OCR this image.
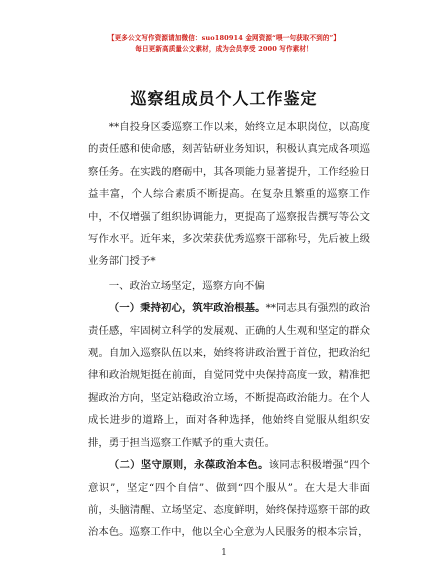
【更多公文写作资源请加微信：suo180914 金网资源“喂一句获取不到的”】
每日更新高质量公文素材，成为会员享受 2000 写作素材！
巡察组成员个人工作鉴定

**自投身区委巡察工作以来，始终立足本职岗位，以高度的责任感和使命感，刻苦钻研业务知识，积极认真完成各项巡察任务。在实践的磨砺中，其各项能力显著提升，工作经验日益丰富，个人综合素质不断提高。在复杂且繁重的巡察工作中，不仅增强了组织协调能力，更提高了巡察报告撰写等公文写作水平。近年来，多次荣获优秀巡察干部称号，先后被上级业务部门授予*

一、政治立场坚定，巡察方向不偏

（一）秉持初心，筑牢政治根基。**同志具有强烈的政治责任感，牢固树立科学的发展观、正确的人生观和坚定的群众观。自加入巡察队伍以来，始终将讲政治置于首位，把政治纪律和政治规矩挺在前面，自觉同党中央保持高度一致，精准把握政治方向，坚定站稳政治立场，不断提高政治能力。在个人成长进步的道路上，面对各种选择，他始终自觉服从组织安排，勇于担当巡察工作赋予的重大责任。

（二）坚守原则，永葆政治本色。该同志积极增强“四个意识”，坚定“四个自信”、做到“四个服从”。在大是大非面前，头脑清醒、立场坚定、态度鲜明，始终保持巡察干部的政治本色。巡察工作中，他以全心全意为人民服务的根本宗旨，

1
